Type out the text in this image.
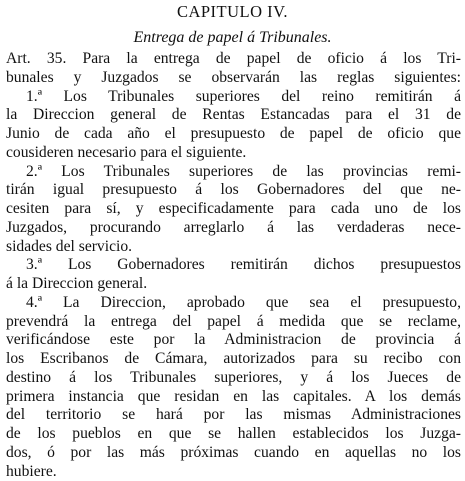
CAPITULO IV.
Entrega de papel á Tribunales.
Art. 35. Para la entrega de papel de oficio á los Tri-
bunales y Juzgados se observarán las reglas siguientes:
1.ª Los Tribunales superiores del reino remitirán á
la Direccion general de Rentas Estancadas para el 31 de
Junio de cada año el presupuesto de papel de oficio que
cousideren necesario para el siguiente.
2.ª Los Tribunales superiores de las provincias remi-
tirán igual presupuesto á los Gobernadores del que ne-
cesiten para sí, y especificadamente para cada uno de los
Juzgados, procurando arreglarlo á las verdaderas nece-
sidades del servicio.
3.ª Los Gobernadores remitirán dichos presupuestos
á la Direccion general.
4.ª La Direccion, aprobado que sea el presupuesto,
prevendrá la entrega del papel á medida que se reclame,
verificándose este por la Administracion de provincia á
los Escribanos de Cámara, autorizados para su recibo con
destino á los Tribunales superiores, y á los Jueces de
primera instancia que residan en las capitales. A los demás
del territorio se hará por las mismas Administraciones
de los pueblos en que se hallen establecidos los Juzga-
dos, ó por las más próximas cuando en aquellas no los
hubiere.
